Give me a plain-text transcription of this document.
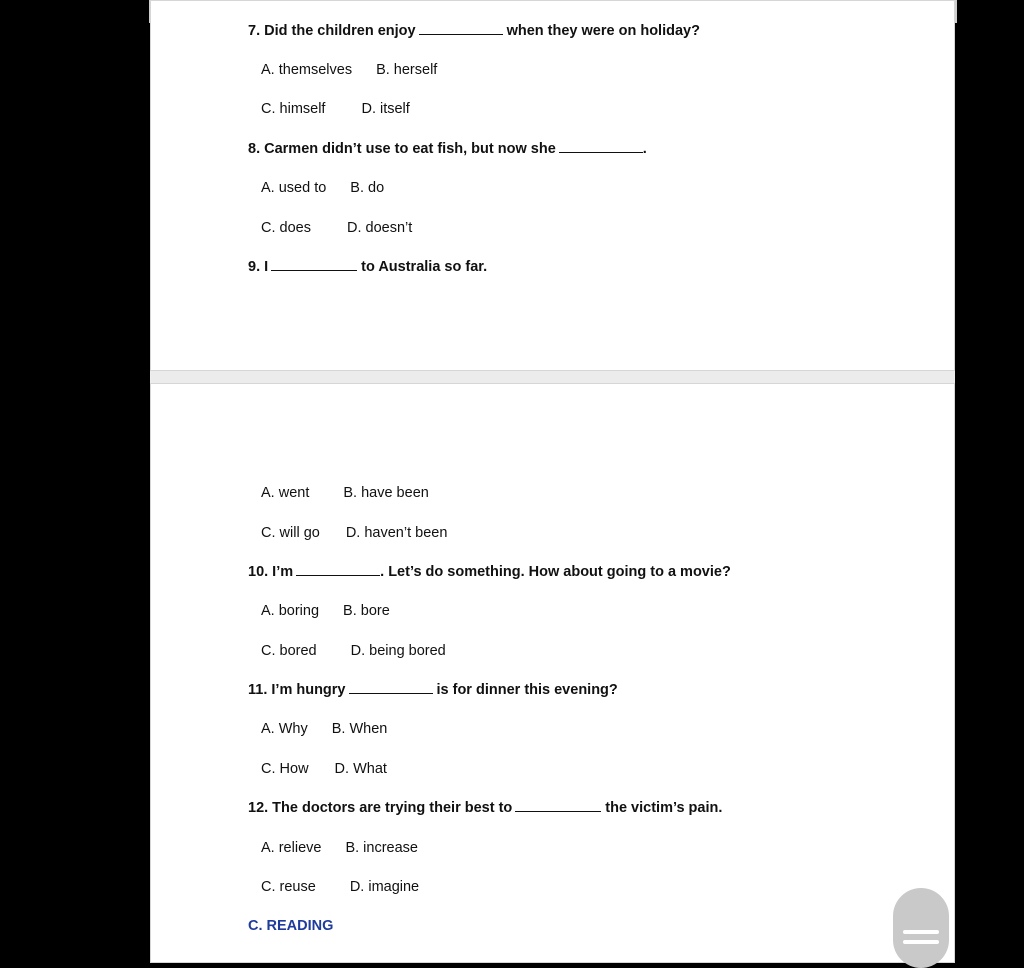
7. Did the children enjoy	when they were on holiday?
A. themselves B. herself
C. himself D. itself
8. Carmen didn’t use to eat fish, but now she	.
A. used to B. do
C. does D. doesn’t
9. I	to Australia so far.
A. went B. have been
C. will go D. haven’t been
10. I’m	. Let’s do something. How about going to a movie?
A. boring B. bore
C. bored D. being bored
11. I’m hungry	is for dinner this evening?
A. Why B. When
C. How D. What
12. The doctors are trying their best to	the victim’s pain.
A. relieve B. increase
C. reuse D. imagine
C. READING
